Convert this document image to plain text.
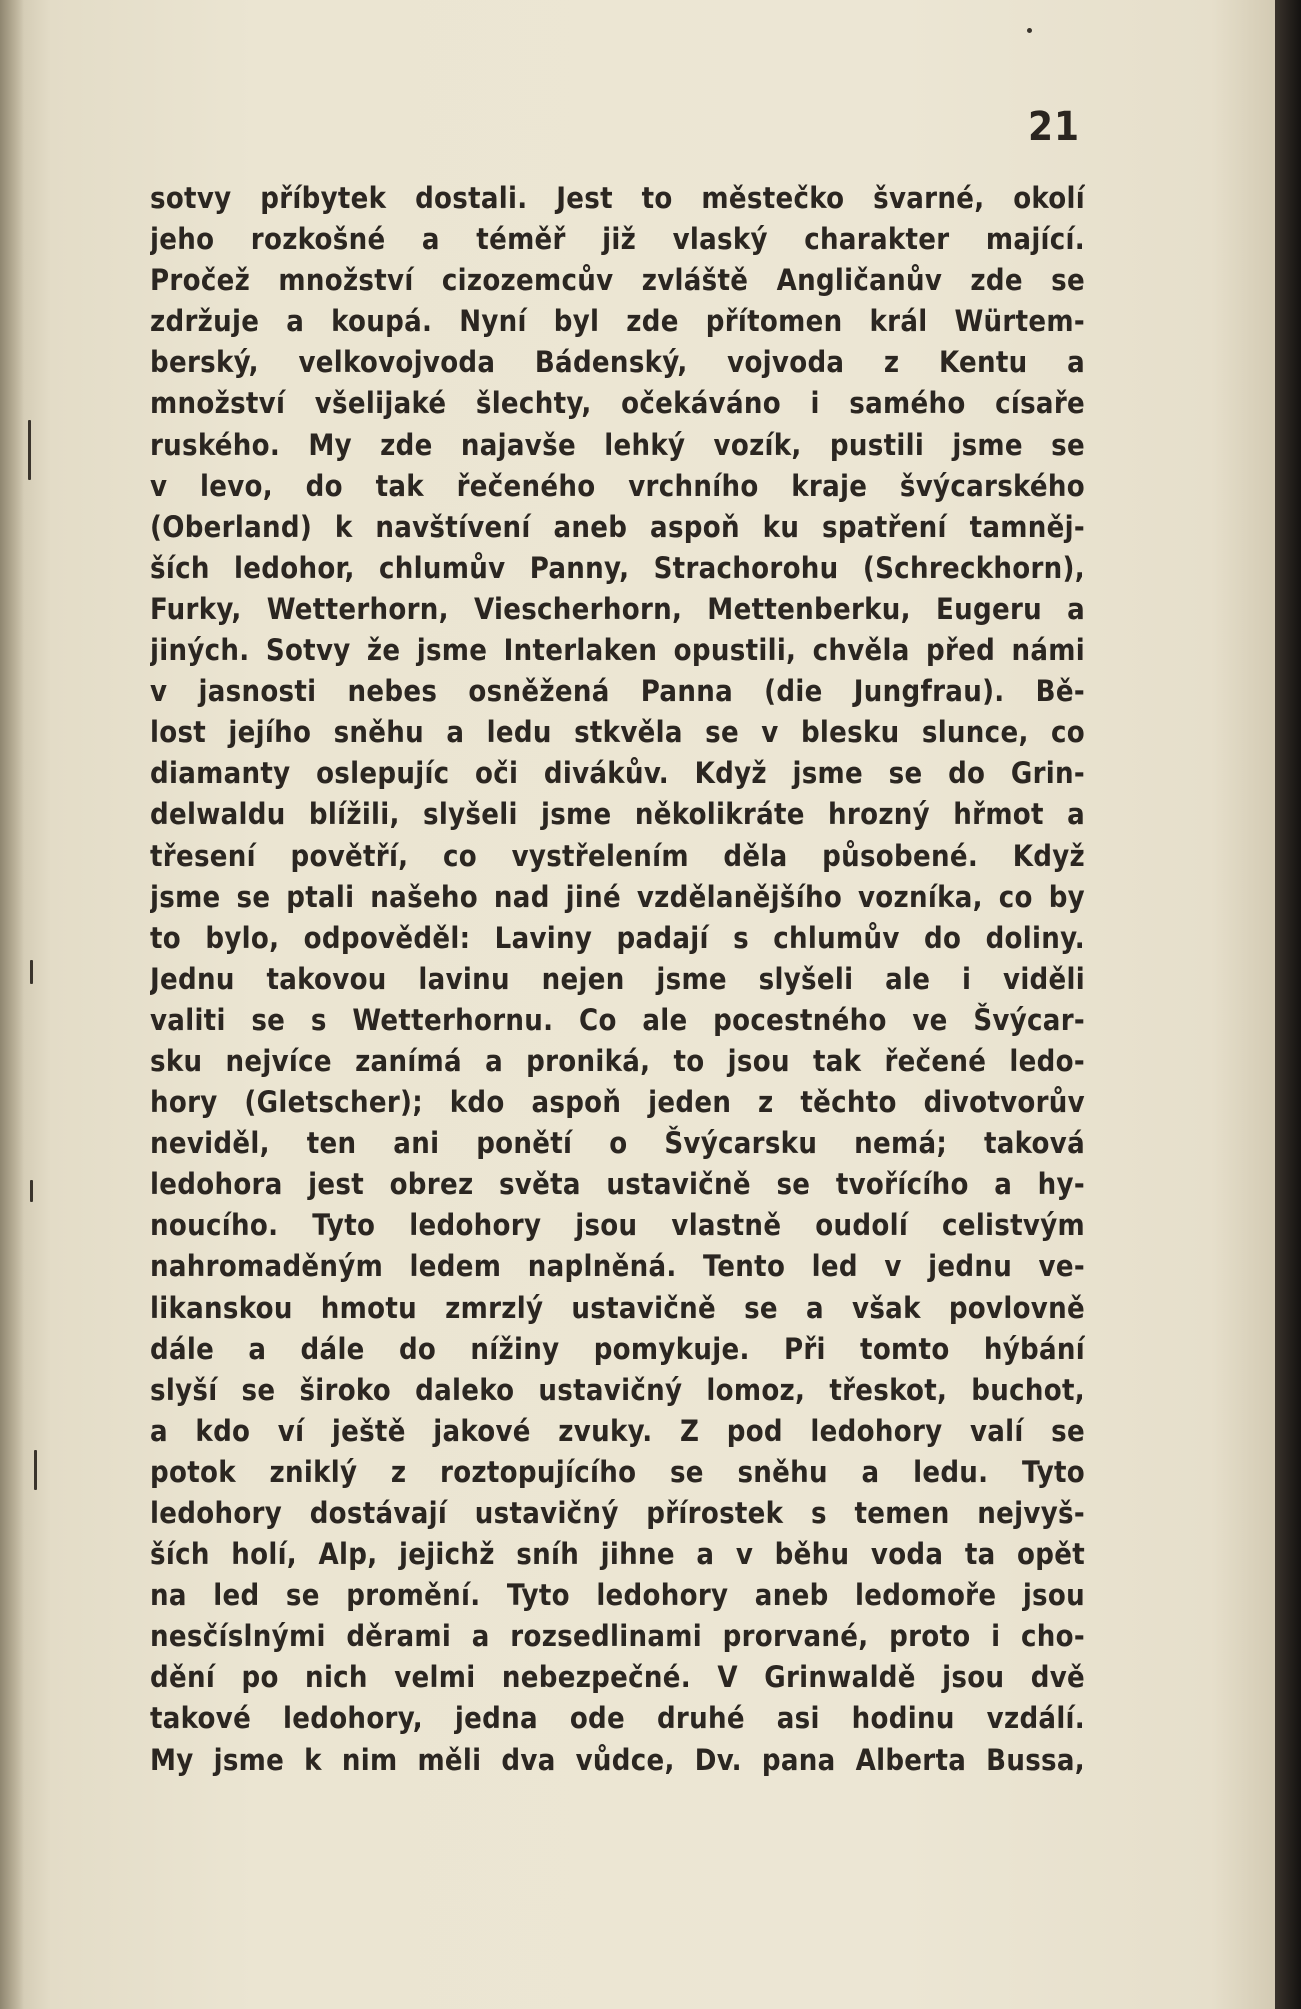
21
sotvy příbytek dostali. Jest to městečko švarné, okolí
jeho rozkošné a téměř již vlaský charakter mající.
Pročež množství cizozemcův zvláště Angličanův zde se
zdržuje a koupá. Nyní byl zde přítomen král Würtem-
berský, velkovojvoda Bádenský, vojvoda z Kentu a
množství všelijaké šlechty, očekáváno i samého císaře
ruského. My zde najavše lehký vozík, pustili jsme se
v levo, do tak řečeného vrchního kraje švýcarského
(Oberland) k navštívení aneb aspoň ku spatření tamněj-
ších ledohor, chlumův Panny, Strachorohu (Schreckhorn),
Furky, Wetterhorn, Viescherhorn, Mettenberku, Eugeru a
jiných. Sotvy že jsme Interlaken opustili, chvěla před námi
v jasnosti nebes osněžená Panna (die Jungfrau). Bě-
lost jejího sněhu a ledu stkvěla se v blesku slunce, co
diamanty oslepujíc oči divákův. Když jsme se do Grin-
delwaldu blížili, slyšeli jsme několikráte hrozný hřmot a
třesení povětří, co vystřelením děla působené. Když
jsme se ptali našeho nad jiné vzdělanějšího vozníka, co by
to bylo, odpověděl: Laviny padají s chlumův do doliny.
Jednu takovou lavinu nejen jsme slyšeli ale i viděli
valiti se s Wetterhornu. Co ale pocestného ve Švýcar-
sku nejvíce zanímá a proniká, to jsou tak řečené ledo-
hory (Gletscher); kdo aspoň jeden z těchto divotvorův
neviděl, ten ani ponětí o Švýcarsku nemá; taková
ledohora jest obrez světa ustavičně se tvořícího a hy-
noucího. Tyto ledohory jsou vlastně oudolí celistvým
nahromaděným ledem naplněná. Tento led v jednu ve-
likanskou hmotu zmrzlý ustavičně se a však povlovně
dále a dále do nížiny pomykuje. Při tomto hýbání
slyší se široko daleko ustavičný lomoz, třeskot, buchot,
a kdo ví ještě jakové zvuky. Z pod ledohory valí se
potok zniklý z roztopujícího se sněhu a ledu. Tyto
ledohory dostávají ustavičný přírostek s temen nejvyš-
ších holí, Alp, jejichž sníh jihne a v běhu voda ta opět
na led se promění. Tyto ledohory aneb ledomoře jsou
nesčíslnými děrami a rozsedlinami prorvané, proto i cho-
dění po nich velmi nebezpečné. V Grinwaldě jsou dvě
takové ledohory, jedna ode druhé asi hodinu vzdálí.
My jsme k nim měli dva vůdce, Dv. pana Alberta Bussa,
